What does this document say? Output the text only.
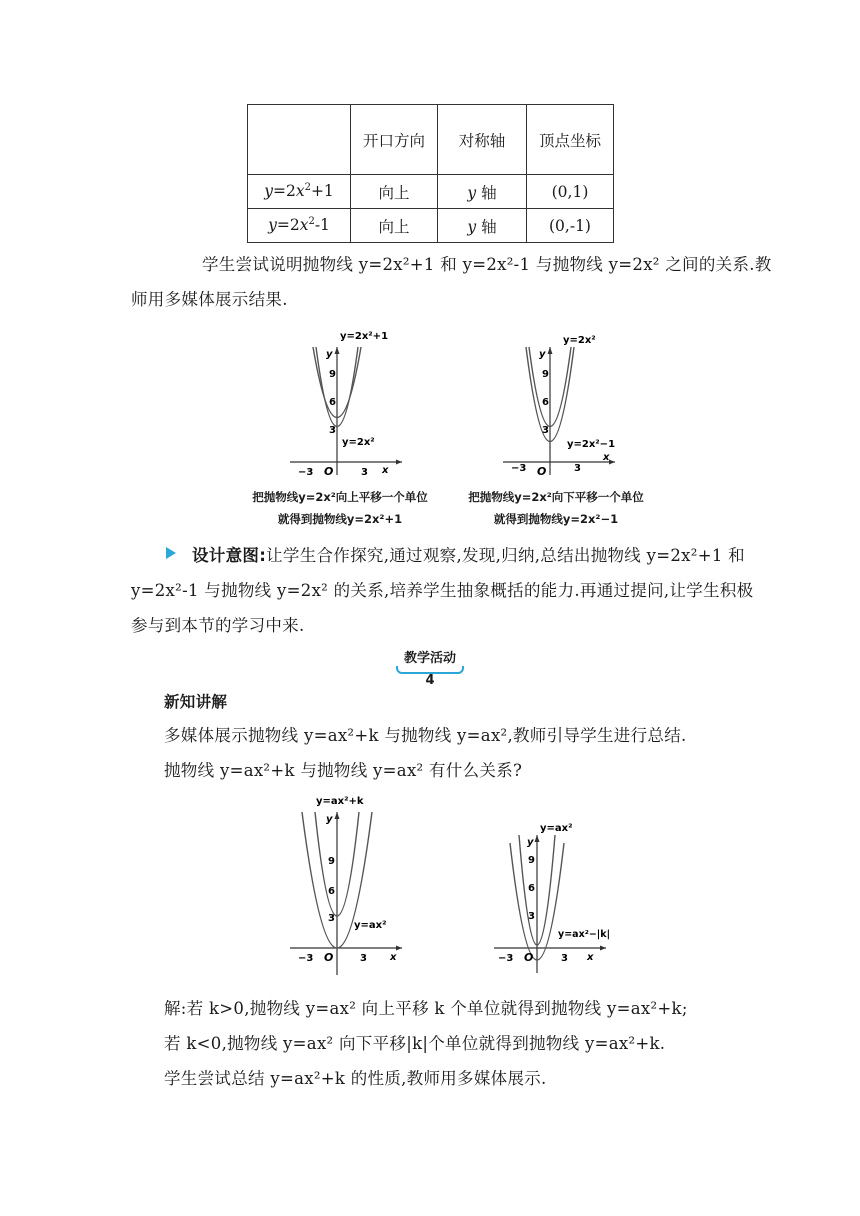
	开口方向	对称轴	顶点坐标
$y=2x^2+1$	向上	y 轴	(0,1)
$y=2x^2-1$	向上	y 轴	(0,-1)
学生尝试说明抛物线 y=2x²+1 和 y=2x²-1 与抛物线 y=2x² 之间的关系.教
师用多媒体展示结果.
y=2x²+1
y=2x²
y
x
O
9
6
3
−3	3
把抛物线y=2x²向上平移一个单位
就得到抛物线y=2x²+1
y=2x²
y=2x²−1
y
x
O
9
6
3
−3	3
把抛物线y=2x²向下平移一个单位
就得到抛物线y=2x²−1
设计意图:让学生合作探究,通过观察,发现,归纳,总结出抛物线 y=2x²+1 和
y=2x²-1 与抛物线 y=2x² 的关系,培养学生抽象概括的能力.再通过提问,让学生积极
参与到本节的学习中来.
教学活动 4
新知讲解
多媒体展示抛物线 y=ax²+k 与抛物线 y=ax²,教师引导学生进行总结.
抛物线 y=ax²+k 与抛物线 y=ax² 有什么关系?
y=ax²+k
y=ax²
y
x
O
9
6
3
−3	3
y=ax²
y=ax²−|k|
y
x
O
9
6
3
−3	3
解:若 k>0,抛物线 y=ax² 向上平移 k 个单位就得到抛物线 y=ax²+k;
若 k<0,抛物线 y=ax² 向下平移|k|个单位就得到抛物线 y=ax²+k.
学生尝试总结 y=ax²+k 的性质,教师用多媒体展示.
